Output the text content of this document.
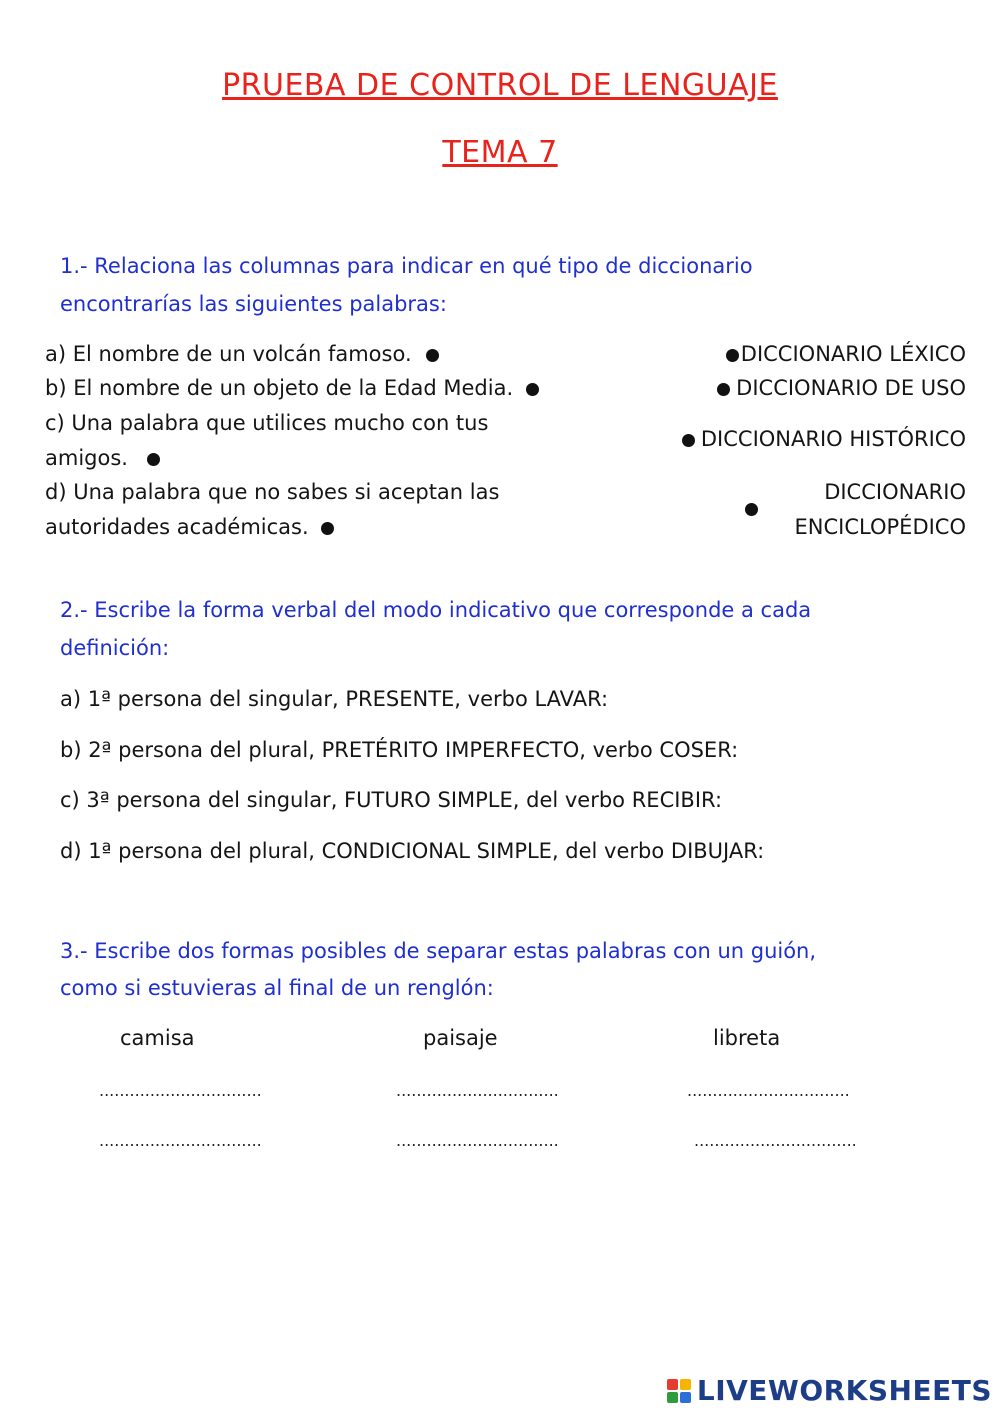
PRUEBA DE CONTROL DE LENGUAJE
TEMA 7
1.- Relaciona las columnas para indicar en qué tipo de diccionario
encontrarías las siguientes palabras:
a) El nombre de un volcán famoso.
b) El nombre de un objeto de la Edad Media.
c) Una palabra que utilices mucho con tus
amigos.
d) Una palabra que no sabes si aceptan las
autoridades académicas.
DICCIONARIO LÉXICO
DICCIONARIO DE USO
DICCIONARIO HISTÓRICO
DICCIONARIO
ENCICLOPÉDICO
2.- Escribe la forma verbal del modo indicativo que corresponde a cada
definición:
a) 1ª persona del singular, PRESENTE, verbo LAVAR:
b) 2ª persona del plural, PRETÉRITO IMPERFECTO, verbo COSER:
c) 3ª persona del singular, FUTURO SIMPLE, del verbo RECIBIR:
d) 1ª persona del plural, CONDICIONAL SIMPLE, del verbo DIBUJAR:
3.- Escribe dos formas posibles de separar estas palabras con un guión,
como si estuvieras al final de un renglón:
camisa	paisaje	libreta
................................	................................	................................
................................	................................	................................
LIVEWORKSHEETS
